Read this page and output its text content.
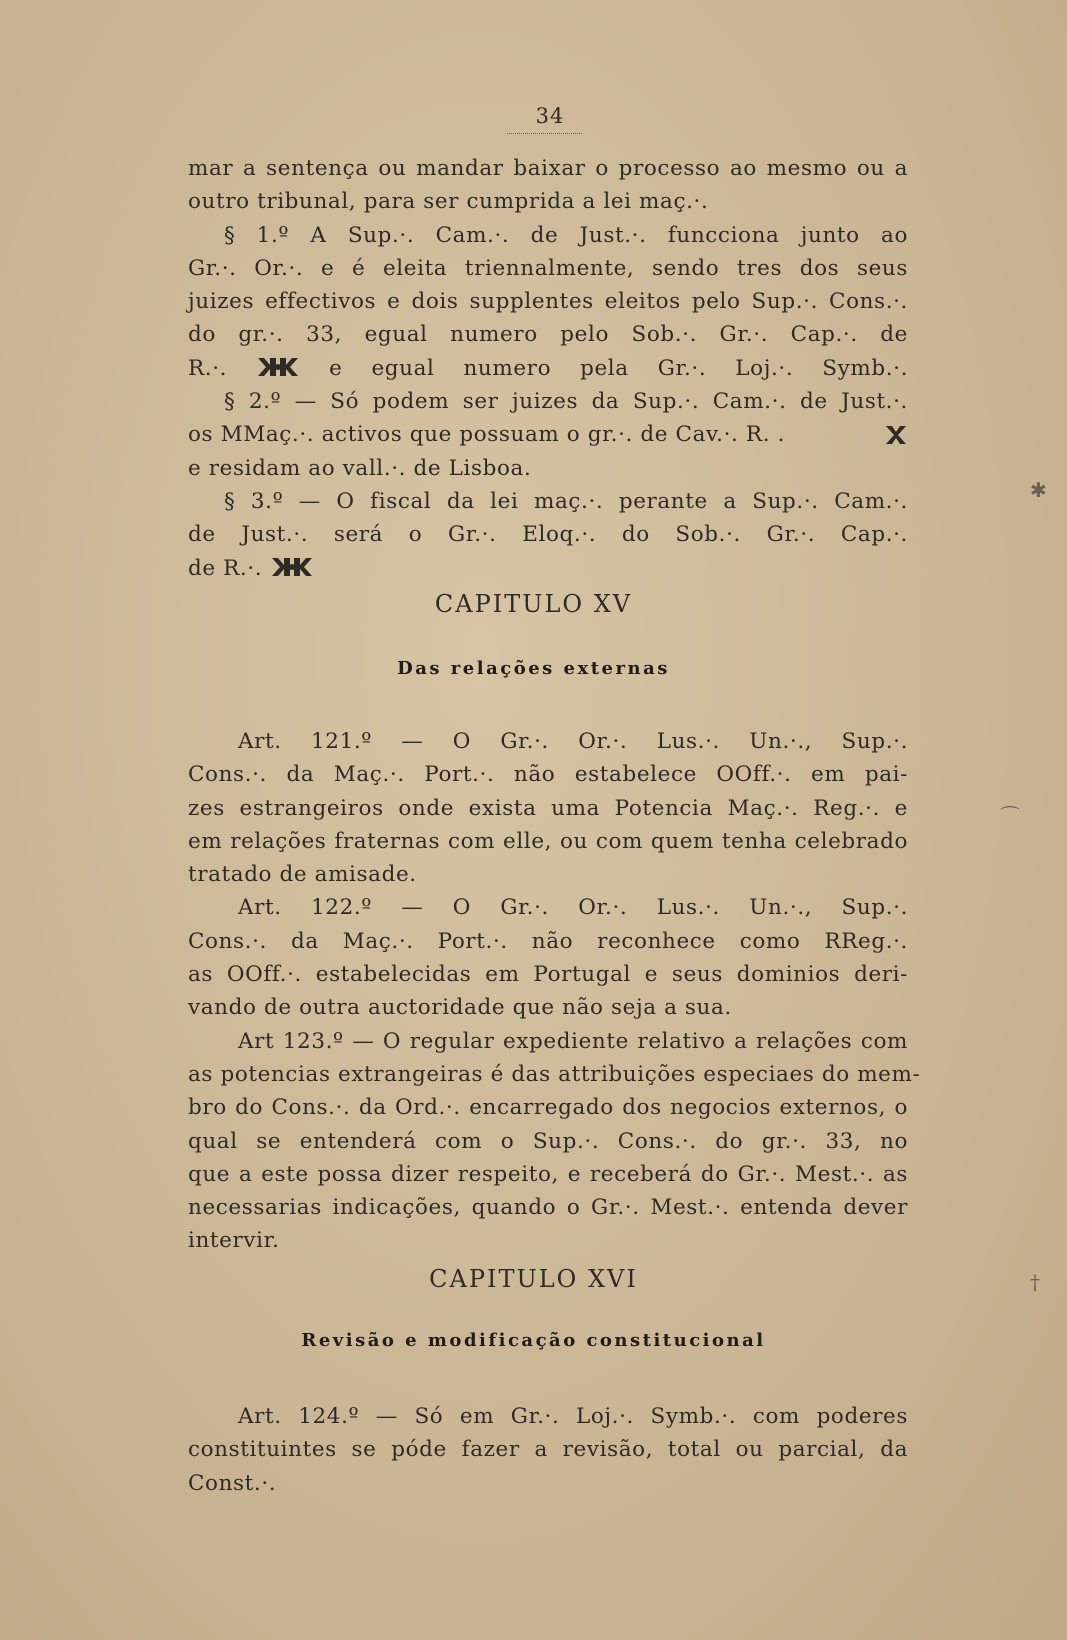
34
mar a sentença ou mandar baixar o processo ao mesmo ou a
outro tribunal, para ser cumprida a lei maç.·.
§ 1.º A Sup.·. Cam.·. de Just.·. funcciona junto ao
Gr.·. Or.·. e é eleita triennalmente, sendo tres dos seus
juizes effectivos e dois supplentes eleitos pelo Sup.·. Cons.·.
do gr.·. 33, egual numero pelo Sob.·. Gr.·. Cap.·. de
R.·.	e egual numero pela Gr.·. Loj.·. Symb.·.
§ 2.º — Só podem ser juizes da Sup.·. Cam.·. de Just.·.
os MMaç.·. activos que possuam o gr.·. de Cav.·. R. .
e residam ao vall.·. de Lisboa.
§ 3.º — O fiscal da lei maç.·. perante a Sup.·. Cam.·.
de Just.·. será o Gr.·. Eloq.·. do Sob.·. Gr.·. Cap.·.
de R.·.
CAPITULO XV
Das relações externas
Art. 121.º — O Gr.·. Or.·. Lus.·. Un.·., Sup.·.
Cons.·. da Maç.·. Port.·. não estabelece OOff.·. em pai-
zes estrangeiros onde exista uma Potencia Maç.·. Reg.·. e
em relações fraternas com elle, ou com quem tenha celebrado
tratado de amisade.
Art. 122.º — O Gr.·. Or.·. Lus.·. Un.·., Sup.·.
Cons.·. da Maç.·. Port.·. não reconhece como RReg.·.
as OOff.·. estabelecidas em Portugal e seus dominios deri-
vando de outra auctoridade que não seja a sua.
Art 123.º — O regular expediente relativo a relações com
as potencias extrangeiras é das attribuições especiaes do mem-
bro do Cons.·. da Ord.·. encarregado dos negocios externos, o
qual se entenderá com o Sup.·. Cons.·. do gr.·. 33, no
que a este possa dizer respeito, e receberá do Gr.·. Mest.·. as
necessarias indicações, quando o Gr.·. Mest.·. entenda dever
intervir.
CAPITULO XVI
Revisão e modificação constitucional
Art. 124.º — Só em Gr.·. Loj.·. Symb.·. com poderes
constituintes se póde fazer a revisão, total ou parcial, da
Const.·.
✱
⌒
†
